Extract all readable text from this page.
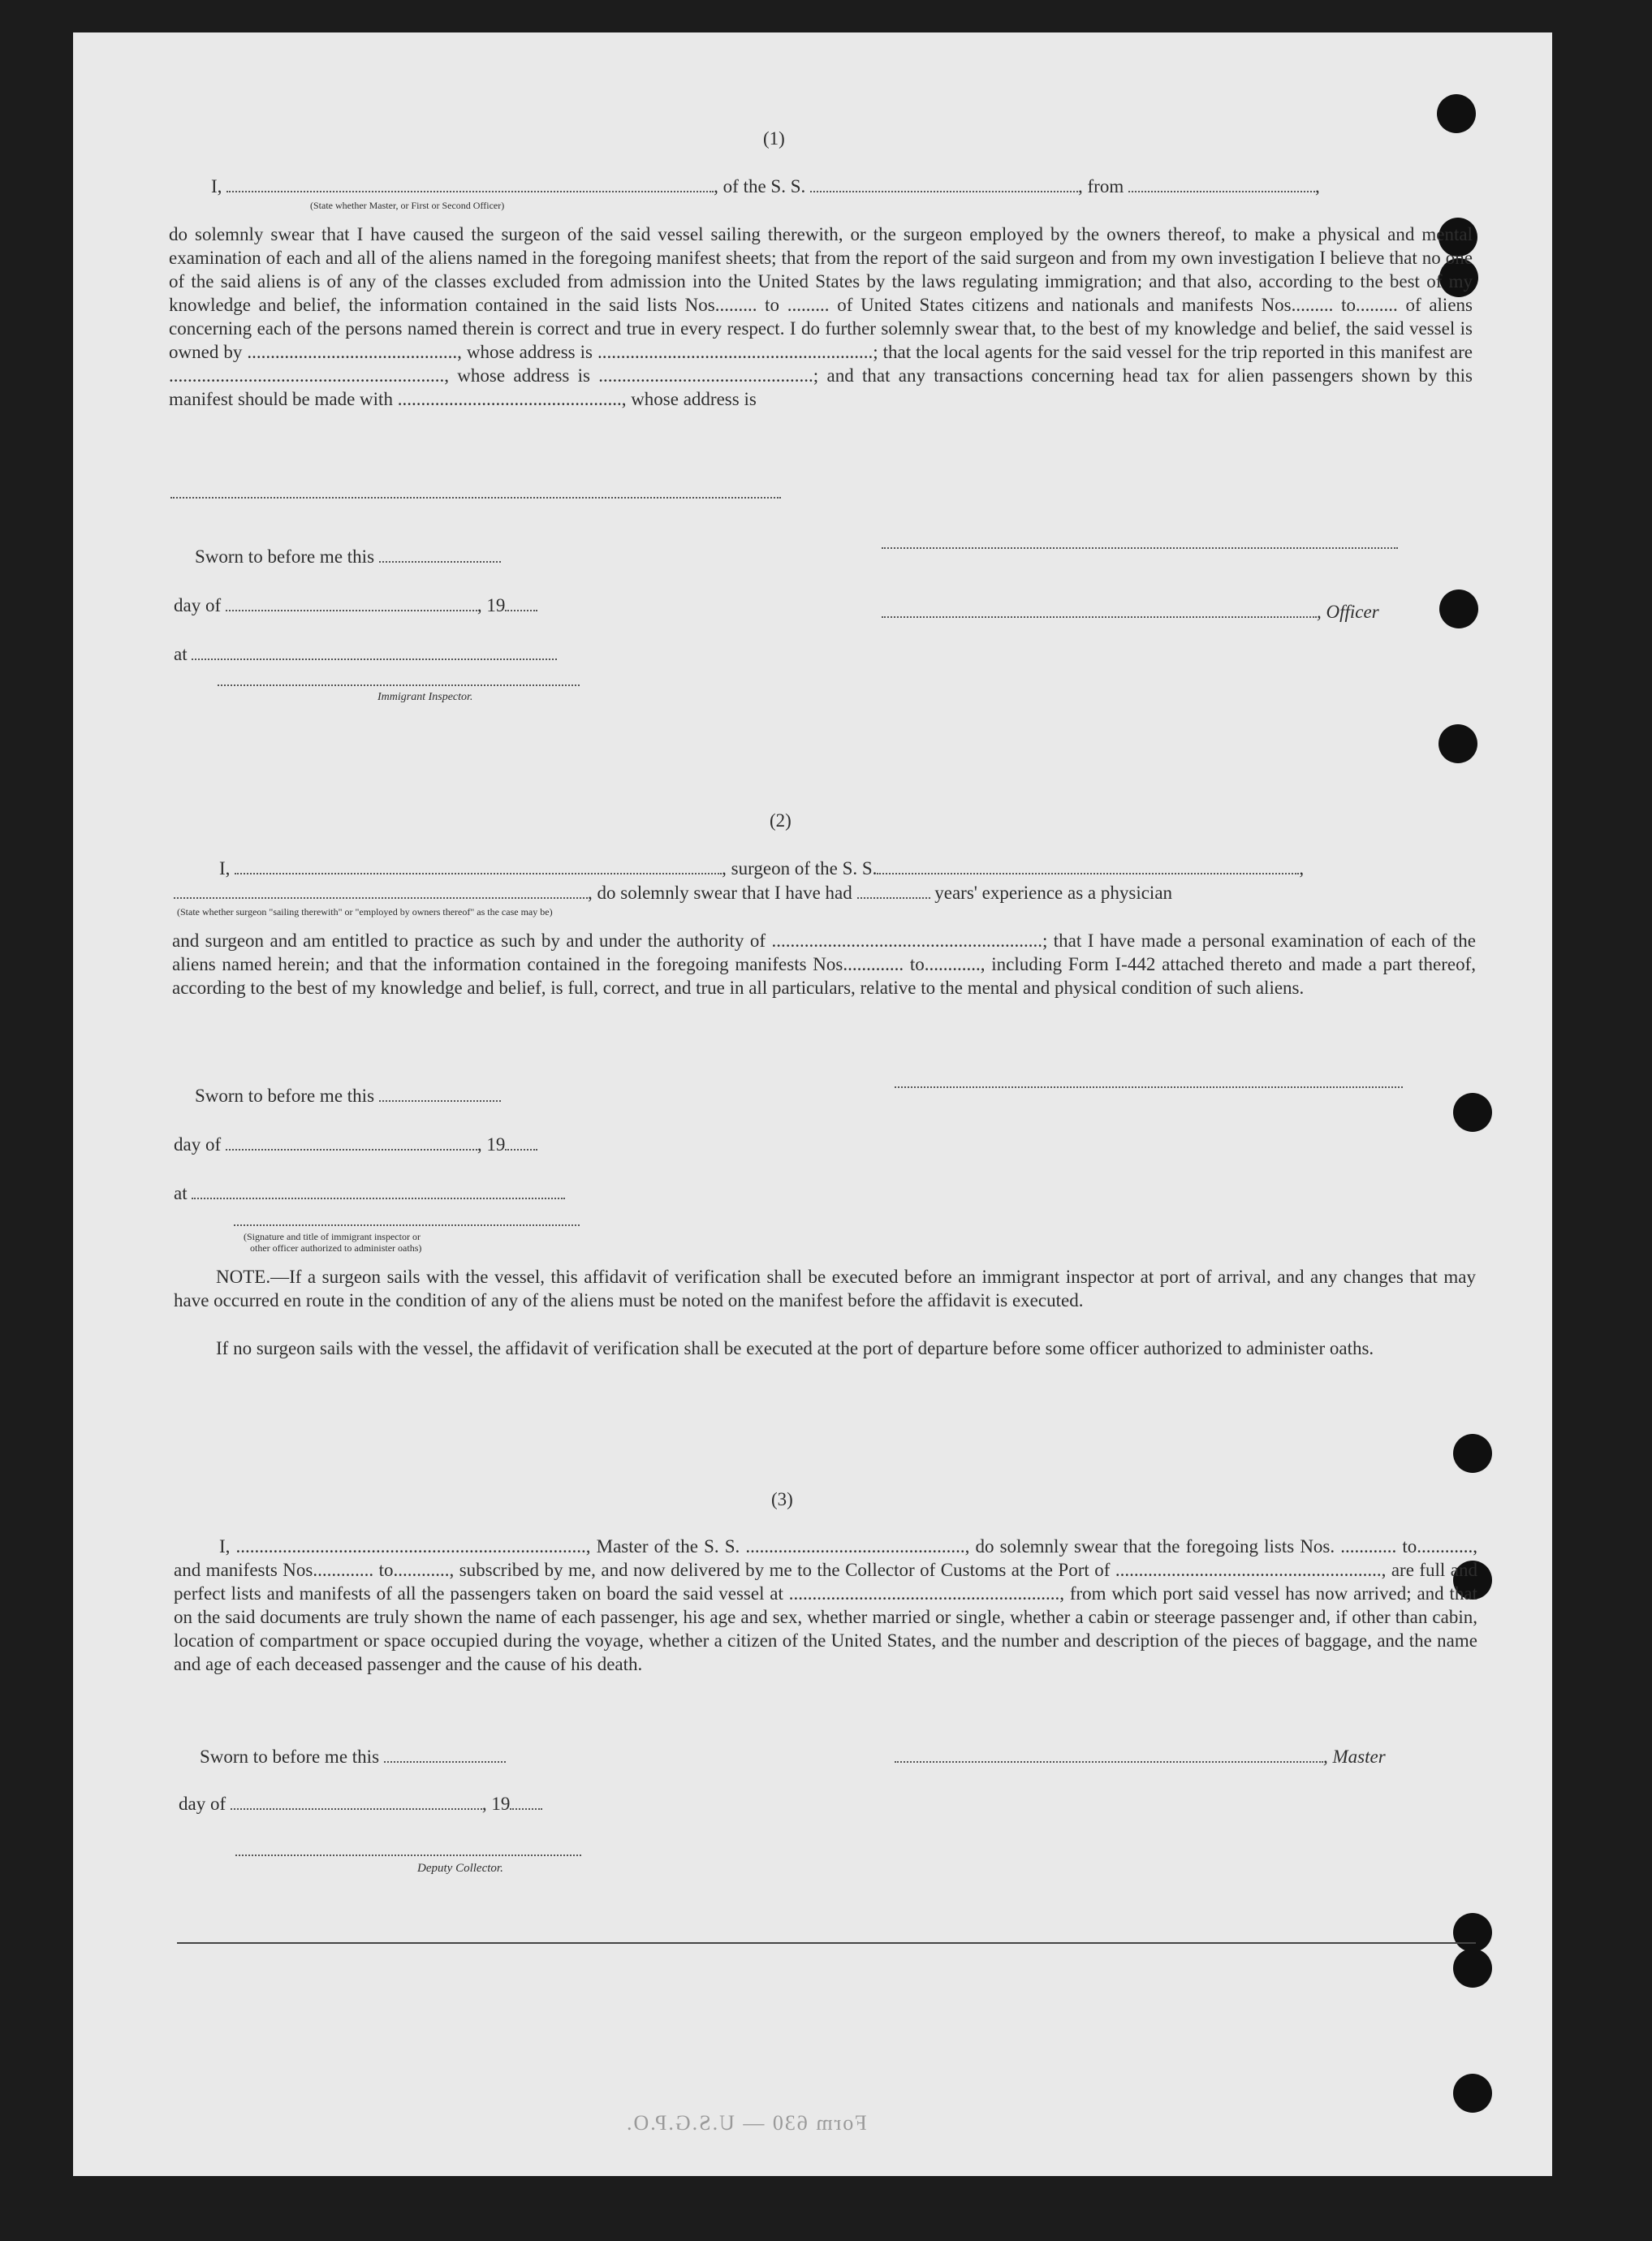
(1)
I,	, of the S. S.	, from	,
(State whether Master, or First or Second Officer)
do solemnly swear that I have caused the surgeon of the said vessel sailing therewith, or the surgeon employed by the owners thereof, to make a physical and mental examination of each and all of the aliens named in the foregoing manifest sheets; that from the report of the said surgeon and from my own investigation I believe that no one of the said aliens is of any of the classes excluded from admission into the United States by the laws regulating immigration; and that also, according to the best of my knowledge and belief, the information contained in the said lists Nos......... to ......... of United States citizens and nationals and manifests Nos......... to......... of aliens concerning each of the persons named therein is correct and true in every respect. I do further solemnly swear that, to the best of my knowledge and belief, the said vessel is owned by ............................................., whose address is ...........................................................; that the local agents for the said vessel for the trip reported in this manifest are ..........................................................., whose address is ..............................................; and that any transactions concerning head tax for alien passengers shown by this manifest should be made with ................................................, whose address is
Sworn to before me this
day of	, 19
at
Immigrant Inspector.
, Officer
(2)
I,	, surgeon of the S. S.	,
, do solemnly swear that I have had	years' experience as a physician
(State whether surgeon "sailing therewith" or "employed by owners thereof" as the case may be)
and surgeon and am entitled to practice as such by and under the authority of ..........................................................; that I have made a personal examination of each of the aliens named herein; and that the information contained in the foregoing manifests Nos............. to............, including Form I-442 attached thereto and made a part thereof, according to the best of my knowledge and belief, is full, correct, and true in all particulars, relative to the mental and physical condition of such aliens.
Sworn to before me this
day of	, 19
at
(Signature and title of immigrant inspector or
other officer authorized to administer oaths)
NOTE.—If a surgeon sails with the vessel, this affidavit of verification shall be executed before an immigrant inspector at port of arrival, and any changes that may have occurred en route in the condition of any of the aliens must be noted on the manifest before the affidavit is executed.
If no surgeon sails with the vessel, the affidavit of verification shall be executed at the port of departure before some officer authorized to administer oaths.
(3)
I, ..........................................................................., Master of the S. S. ..............................................., do solemnly swear that the foregoing lists Nos. ............ to............, and manifests Nos............. to............, subscribed by me, and now delivered by me to the Collector of Customs at the Port of ........................................................., are full and perfect lists and manifests of all the passengers taken on board the said vessel at .........................................................., from which port said vessel has now arrived; and that on the said documents are truly shown the name of each passenger, his age and sex, whether married or single, whether a cabin or steerage passenger and, if other than cabin, location of compartment or space occupied during the voyage, whether a citizen of the United States, and the number and description of the pieces of baggage, and the name and age of each deceased passenger and the cause of his death.
Sworn to before me this	, Master
day of	, 19
Deputy Collector.
Form 630 — U.S.G.P.O.
